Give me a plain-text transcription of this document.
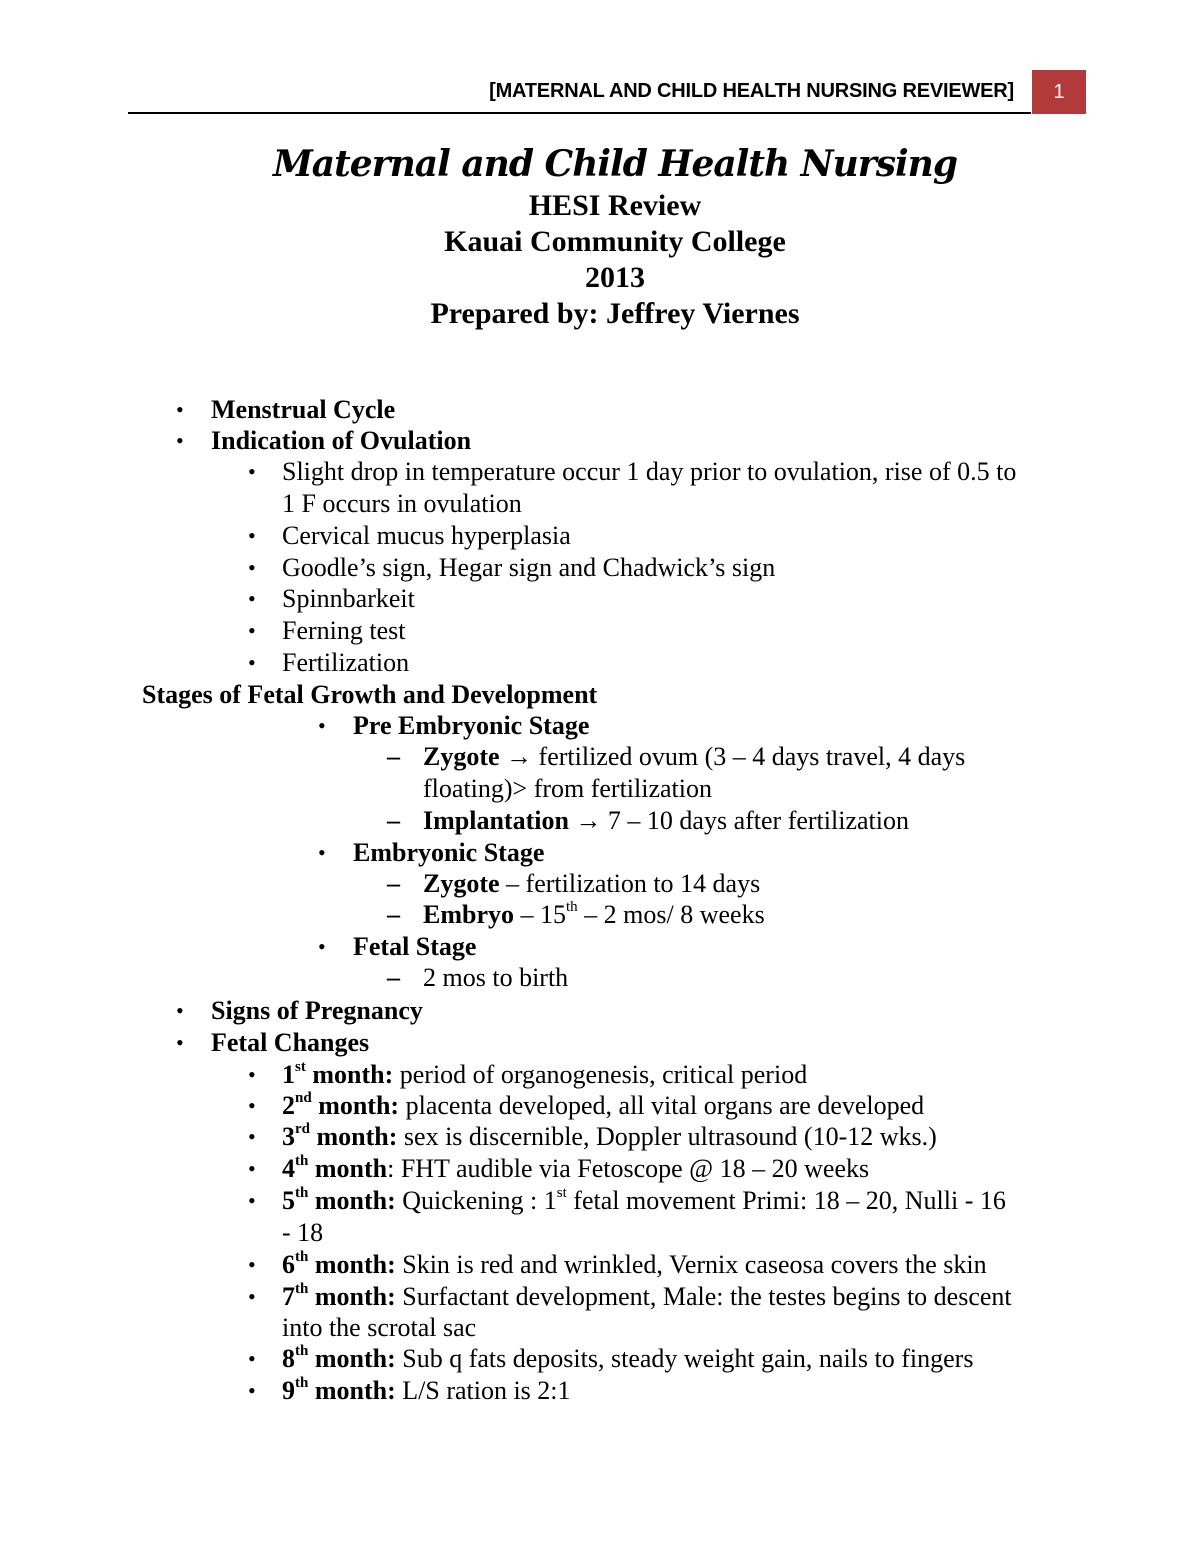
[MATERNAL AND CHILD HEALTH NURSING REVIEWER] 1
Maternal and Child Health Nursing
HESI Review
Kauai Community College
2013
Prepared by: Jeffrey Viernes
• Menstrual Cycle
• Indication of Ovulation
• Slight drop in temperature occur 1 day prior to ovulation, rise of 0.5 to
1 F occurs in ovulation
• Cervical mucus hyperplasia
• Goodle’s sign, Hegar sign and Chadwick’s sign
• Spinnbarkeit
• Ferning test
• Fertilization
Stages of Fetal Growth and Development
• Pre Embryonic Stage
– Zygote → fertilized ovum (3 – 4 days travel, 4 days
floating)> from fertilization
– Implantation → 7 – 10 days after fertilization
• Embryonic Stage
– Zygote – fertilization to 14 days
– Embryo – 15th – 2 mos/ 8 weeks
• Fetal Stage
– 2 mos to birth
• Signs of Pregnancy
• Fetal Changes
• 1st month: period of organogenesis, critical period
• 2nd month: placenta developed, all vital organs are developed
• 3rd month: sex is discernible, Doppler ultrasound (10-12 wks.)
• 4th month: FHT audible via Fetoscope @ 18 – 20 weeks
• 5th month: Quickening : 1st fetal movement Primi: 18 – 20, Nulli - 16
- 18
• 6th month: Skin is red and wrinkled, Vernix caseosa covers the skin
• 7th month: Surfactant development, Male: the testes begins to descent
into the scrotal sac
• 8th month: Sub q fats deposits, steady weight gain, nails to fingers
• 9th month: L/S ration is 2:1
